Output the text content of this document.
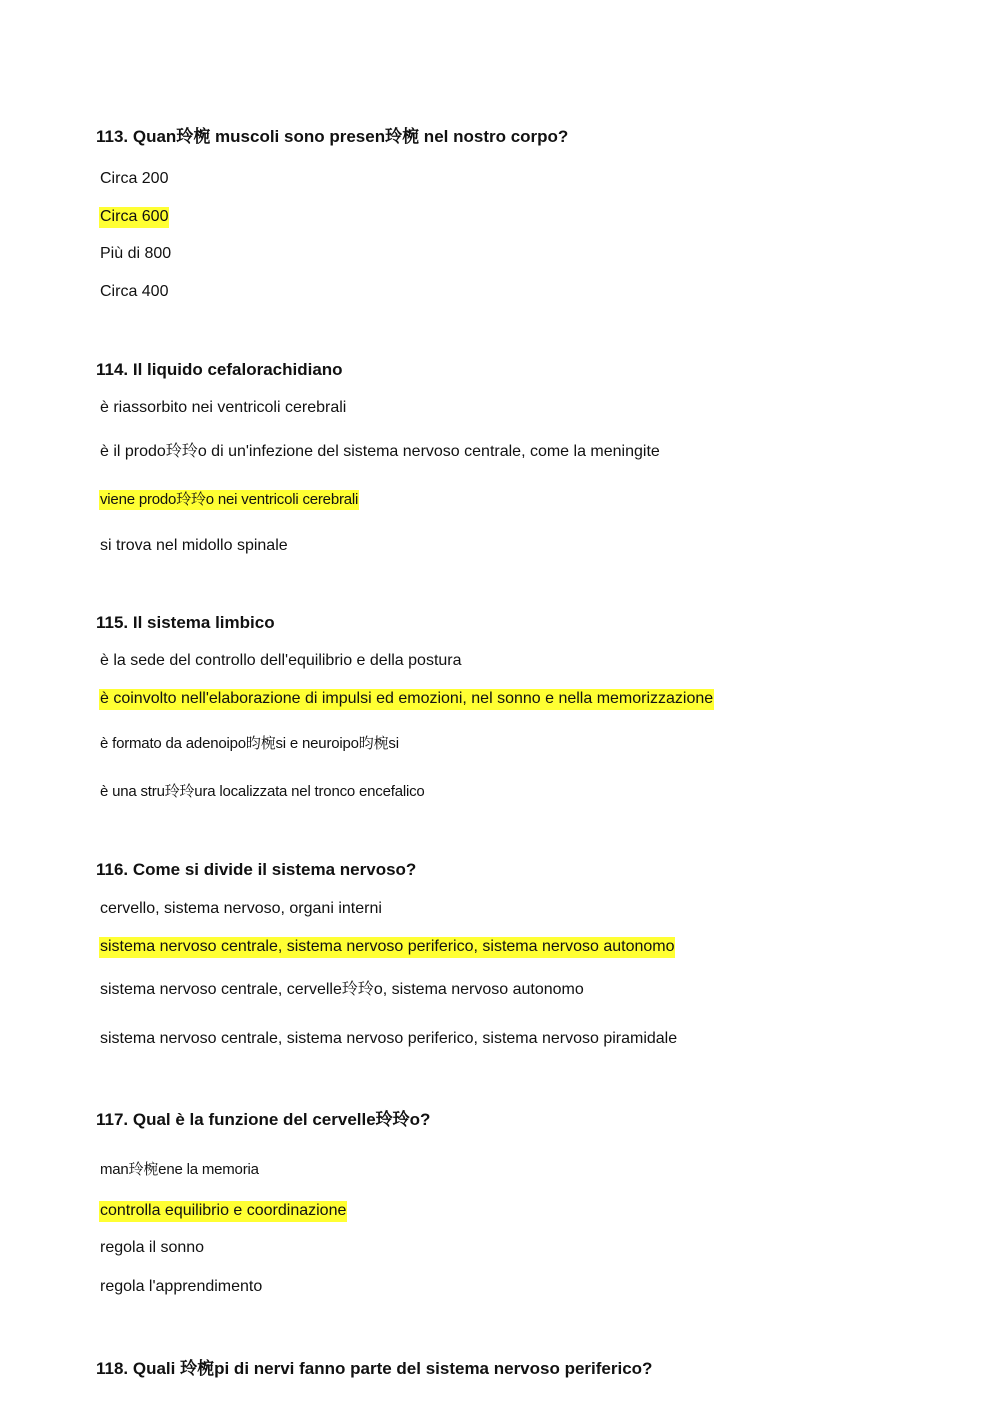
113. Quan玲椀 muscoli sono presen玲椀 nel nostro corpo?
Circa 200
Circa 600
Più di 800
Circa 400
114. Il liquido cefalorachidiano
è riassorbito nei ventricoli cerebrali
è il prodo玲玲o di un'infezione del sistema nervoso centrale, come la meningite
viene prodo玲玲o nei ventricoli cerebrali
si trova nel midollo spinale
115. Il sistema limbico
è la sede del controllo dell'equilibrio e della postura
è coinvolto nell'elaborazione di impulsi ed emozioni, nel sonno e nella memorizzazione
è formato da adenoipo昀椀si e neuroipo昀椀si
è una stru玲玲ura localizzata nel tronco encefalico
116. Come si divide il sistema nervoso?
cervello, sistema nervoso, organi interni
sistema nervoso centrale, sistema nervoso periferico, sistema nervoso autonomo
sistema nervoso centrale, cervelle玲玲o, sistema nervoso autonomo
sistema nervoso centrale, sistema nervoso periferico, sistema nervoso piramidale
117. Qual è la funzione del cervelle玲玲o?
man玲椀ene la memoria
controlla equilibrio e coordinazione
regola il sonno
regola l'apprendimento
118. Quali 玲椀pi di nervi fanno parte del sistema nervoso periferico?
